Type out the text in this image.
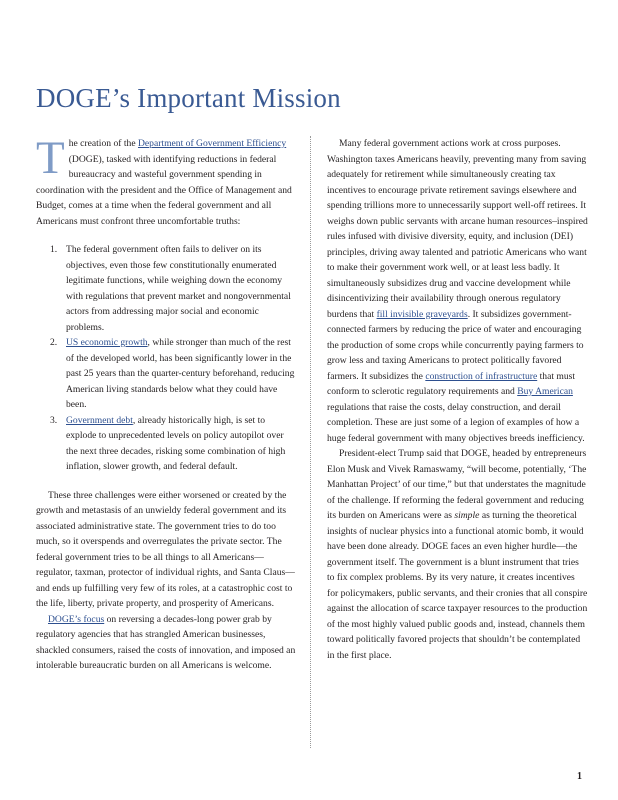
DOGE’s Important Mission

The creation of the Department of Government Efficiency (DOGE), tasked with identifying reductions in federal bureaucracy and wasteful government spending in coordination with the president and the Office of Management and Budget, comes at a time when the federal government and all Americans must confront three uncomfortable truths:

1. The federal government often fails to deliver on its objectives, even those few constitutionally enumerated legitimate functions, while weighing down the economy with regulations that prevent market and nongovernmental actors from addressing major social and economic problems.
2. US economic growth, while stronger than much of the rest of the developed world, has been significantly lower in the past 25 years than the quarter-century beforehand, reducing American living standards below what they could have been.
3. Government debt, already historically high, is set to explode to unprecedented levels on policy autopilot over the next three decades, risking some combination of high inflation, slower growth, and federal default.

These three challenges were either worsened or created by the growth and metastasis of an unwieldy federal government and its associated administrative state. The government tries to do too much, so it overspends and overregulates the private sector. The federal government tries to be all things to all Americans—regulator, taxman, protector of individual rights, and Santa Claus—and ends up fulfilling very few of its roles, at a catastrophic cost to the life, liberty, private property, and prosperity of Americans.

DOGE’s focus on reversing a decades-long power grab by regulatory agencies that has strangled American businesses, shackled consumers, raised the costs of innovation, and imposed an intolerable bureaucratic burden on all Americans is welcome.

Many federal government actions work at cross purposes. Washington taxes Americans heavily, preventing many from saving adequately for retirement while simultaneously creating tax incentives to encourage private retirement savings elsewhere and spending trillions more to unnecessarily support well-off retirees. It weighs down public servants with arcane human resources–inspired rules infused with divisive diversity, equity, and inclusion (DEI) principles, driving away talented and patriotic Americans who want to make their government work well, or at least less badly. It simultaneously subsidizes drug and vaccine development while disincentivizing their availability through onerous regulatory burdens that fill invisible graveyards. It subsidizes government-connected farmers by reducing the price of water and encouraging the production of some crops while concurrently paying farmers to grow less and taxing Americans to protect politically favored farmers. It subsidizes the construction of infrastructure that must conform to sclerotic regulatory requirements and Buy American regulations that raise the costs, delay construction, and derail completion. These are just some of a legion of examples of how a huge federal government with many objectives breeds inefficiency.

President-elect Trump said that DOGE, headed by entrepreneurs Elon Musk and Vivek Ramaswamy, “will become, potentially, ‘The Manhattan Project’ of our time,” but that understates the magnitude of the challenge. If reforming the federal government and reducing its burden on Americans were as simple as turning the theoretical insights of nuclear physics into a functional atomic bomb, it would have been done already. DOGE faces an even higher hurdle—the government itself. The government is a blunt instrument that tries to fix complex problems. By its very nature, it creates incentives for policymakers, public servants, and their cronies that all conspire against the allocation of scarce taxpayer resources to the production of the most highly valued public goods and, instead, channels them toward politically favored projects that shouldn’t be contemplated in the first place.

1
